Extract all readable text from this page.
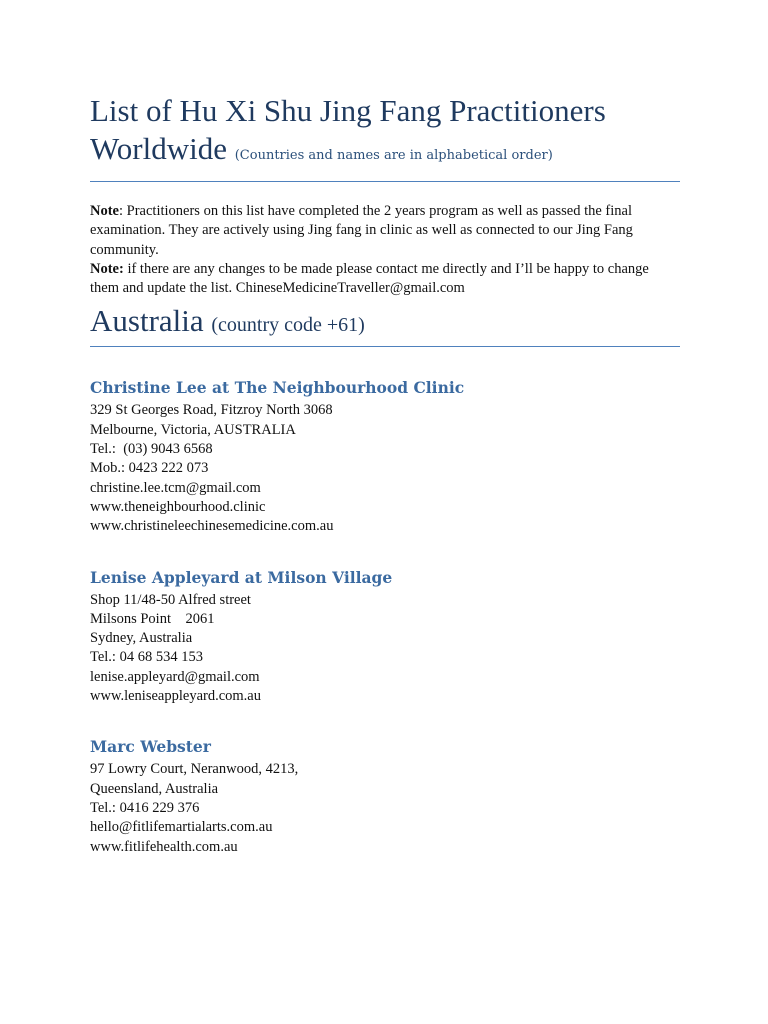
List of Hu Xi Shu Jing Fang Practitioners
Worldwide (Countries and names are in alphabetical order)
Note: Practitioners on this list have completed the 2 years program as well as passed the final examination. They are actively using Jing fang in clinic as well as connected to our Jing Fang community.
Note: if there are any changes to be made please contact me directly and I’ll be happy to change them and update the list. ChineseMedicineTraveller@gmail.com
Australia (country code +61)
Christine Lee at The Neighbourhood Clinic
329 St Georges Road, Fitzroy North 3068
Melbourne, Victoria, AUSTRALIA
Tel.:  (03) 9043 6568
Mob.: 0423 222 073
christine.lee.tcm@gmail.com
www.theneighbourhood.clinic
www.christineleechinesemedicine.com.au
Lenise Appleyard at Milson Village
Shop 11/48-50 Alfred street
Milsons Point    2061
Sydney, Australia
Tel.: 04 68 534 153
lenise.appleyard@gmail.com
www.leniseappleyard.com.au
Marc Webster
97 Lowry Court, Neranwood, 4213,
Queensland, Australia
Tel.: 0416 229 376
hello@fitlifemartialarts.com.au
www.fitlifehealth.com.au
